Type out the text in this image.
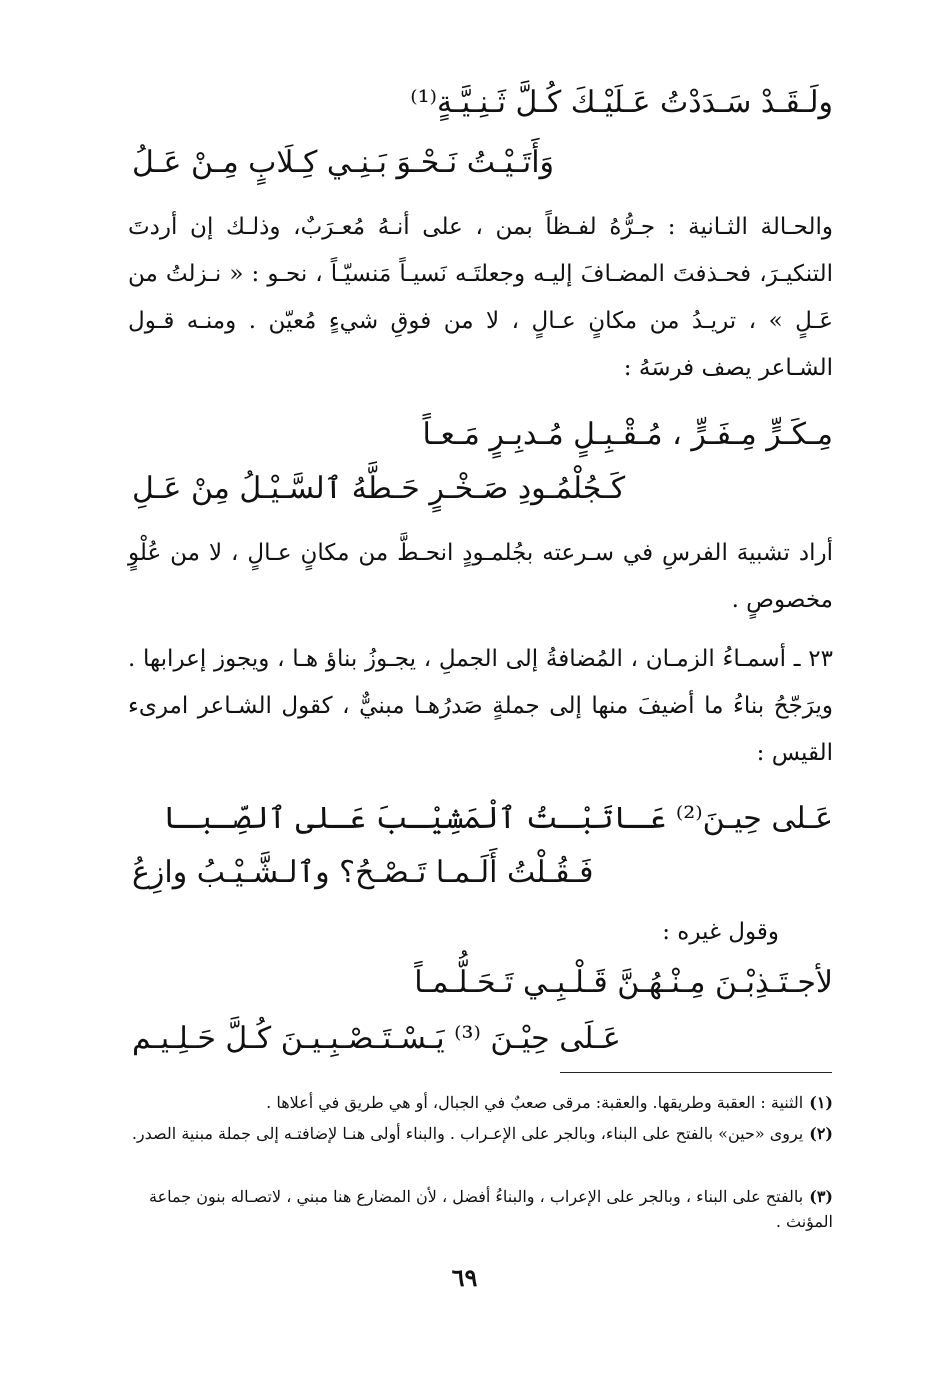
ولَـقَـدْ سَـدَدْتُ عَـلَيْـكَ كُـلَّ ثَـنِـيَّـةٍ⁽¹⁾
وَأَتَـيْـتُ نَـحْـوَ بَـنِـي كِـلَابٍ مِـنْ عَـلُ

والحـالة الثـانية : جـرُّهُ لفـظاً بمن ، على أنـهُ مُعـرَبٌ، وذلـك إن أردتَ التنكيـرَ، فحـذفتَ المضـافَ إليـه وجعلتَـه نَسيـاً مَنسيّـاً ، نحـو : « نـزلتُ من عَـلٍ » ، تريـدُ من مكانٍ عـالٍ ، لا من فوقِ شيءٍ مُعيّن . ومنـه قـول الشـاعر يصف فرسَهُ :

مِـكَـرٍّ مِـفَـرٍّ ، مُـقْـبِـلٍ مُـدبِـرٍ مَـعـاً
كَـجُلْمُـودِ صَـخْـرٍ حَـطَّهُ ٱلسَّـيْـلُ مِنْ عَـلِ

أراد تشبيهَ الفرسِ في سـرعته بجُلمـودٍ انحـطَّ من مكانٍ عـالٍ ، لا من عُلْوٍ مخصوصٍ .

٢٣ ـ أسمـاءُ الزمـان ، المُضافةُ إلى الجملِ ، يجـوزُ بناؤ هـا ، ويجوز إعرابها . ويرَجّحُ بناءُ ما أضيفَ منها إلى جملةٍ صَدرُهـا مبنيٌّ ، كقول الشـاعر امرىء القيس :

عَـلى حِيـنَ⁽²⁾ عَـاتَبْـتُ ٱلْمَشِيْـبَ عَـلى ٱلصِّـبـا
فَـقُـلْتُ أَلَـمـا تَـصْـحُ؟ وٱلـشَّـيْـبُ وازِعُ
وقول غيره :
لأجـتَـذِبْـنَ مِـنْـهُـنَّ قَـلْـبِـي تَـحَـلُّـمـاً
عَـلَى حِيْـنَ ⁽³⁾ يَـسْـتَـصْـبِـيـنَ كُـلَّ حَـلِـيـم

(١)الثنية : العقبة وطريقها. والعقبة: مرقى صعبٌ في الجبال، أو هي طريق في أعلاها .

(٢)يروى «حين» بالفتح على البناء، وبالجر على الإعـراب . والبناء أولى هنـا لإضافتـه إلى جملة مبنية الصدر.

(٣)بالفتح على البناء ، وبالجر على الإعراب ، والبناءُ أفضل ، لأن المضارع هنا مبني ، لاتصـاله بنون جماعة المؤنث .

٦٩
